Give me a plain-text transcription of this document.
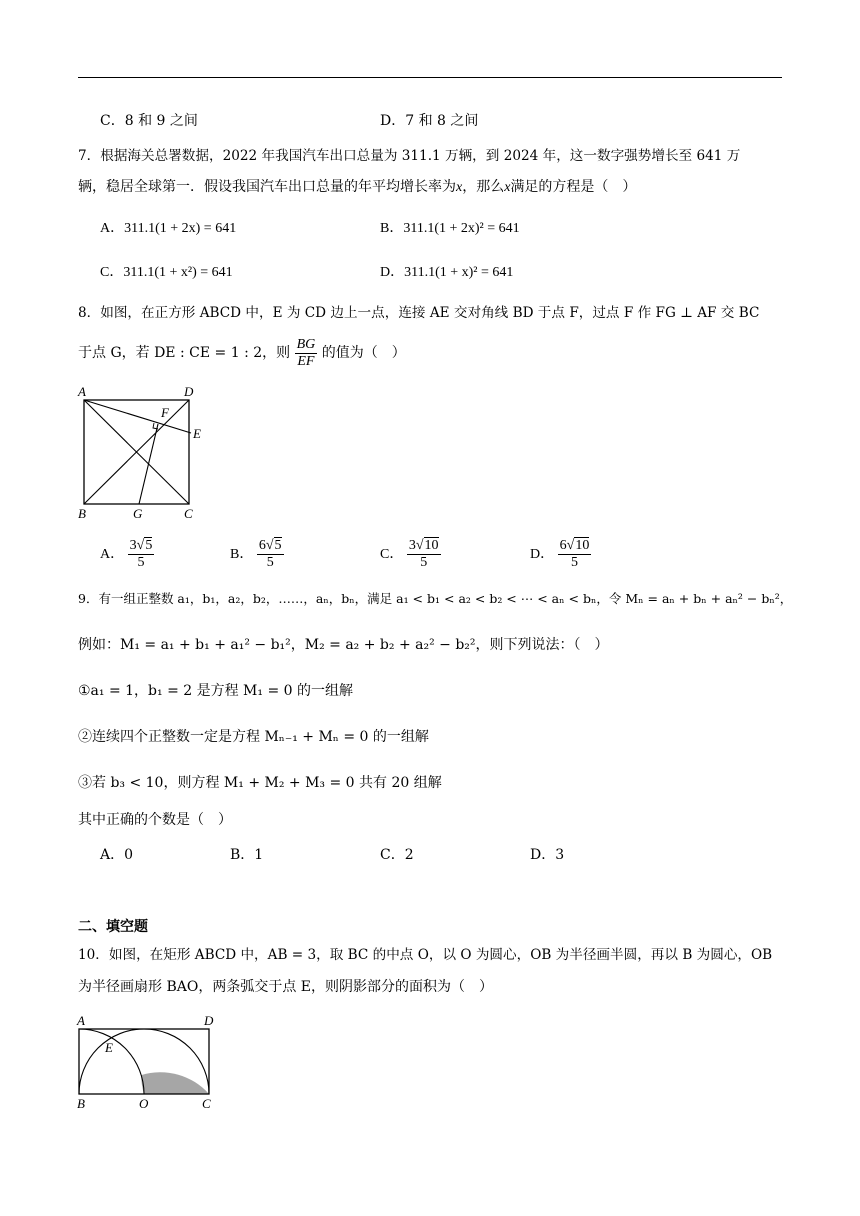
C．8 和 9 之间	D．7 和 8 之间
7．根据海关总署数据，2022 年我国汽车出口总量为 311.1 万辆，到 2024 年，这一数字强势增长至 641 万
辆，稳居全球第一．假设我国汽车出口总量的年平均增长率为x，那么x满足的方程是（　）
A．311.1(1 + 2x) = 641	B．311.1(1 + 2x)² = 641
C．311.1(1 + x²) = 641	D．311.1(1 + x)² = 641
8．如图，在正方形 ABCD 中，E 为 CD 边上一点，连接 AE 交对角线 BD 于点 F，过点 F 作 FG ⊥ AF 交 BC
于点 G，若 DE : CE = 1 : 2，则 $\frac{BG}{EF}$ 的值为（　）
A	D
F
E
B	G	C
A． $\frac{3√5}{5}$	B． $\frac{6√5}{5}$	C． $\frac{3√10}{5}$	D． $\frac{6√10}{5}$
9．有一组正整数 a₁，b₁，a₂，b₂，……，aₙ，bₙ，满足 a₁ < b₁ < a₂ < b₂ < ⋯ < aₙ < bₙ，令 Mₙ = aₙ + bₙ + aₙ² − bₙ²，
例如：M₁ = a₁ + b₁ + a₁² − b₁²，M₂ = a₂ + b₂ + a₂² − b₂²，则下列说法：（　）
①a₁ = 1，b₁ = 2 是方程 M₁ = 0 的一组解
②连续四个正整数一定是方程 Mₙ₋₁ + Mₙ = 0 的一组解
③若 b₃ < 10，则方程 M₁ + M₂ + M₃ = 0 共有 20 组解
其中正确的个数是（　）
A．0	B．1	C．2	D．3
二、填空题
10．如图，在矩形 ABCD 中，AB = 3，取 BC 的中点 O，以 O 为圆心，OB 为半径画半圆，再以 B 为圆心，OB
为半径画扇形 BAO，两条弧交于点 E，则阴影部分的面积为（　）
A	D
E
B	O	C
